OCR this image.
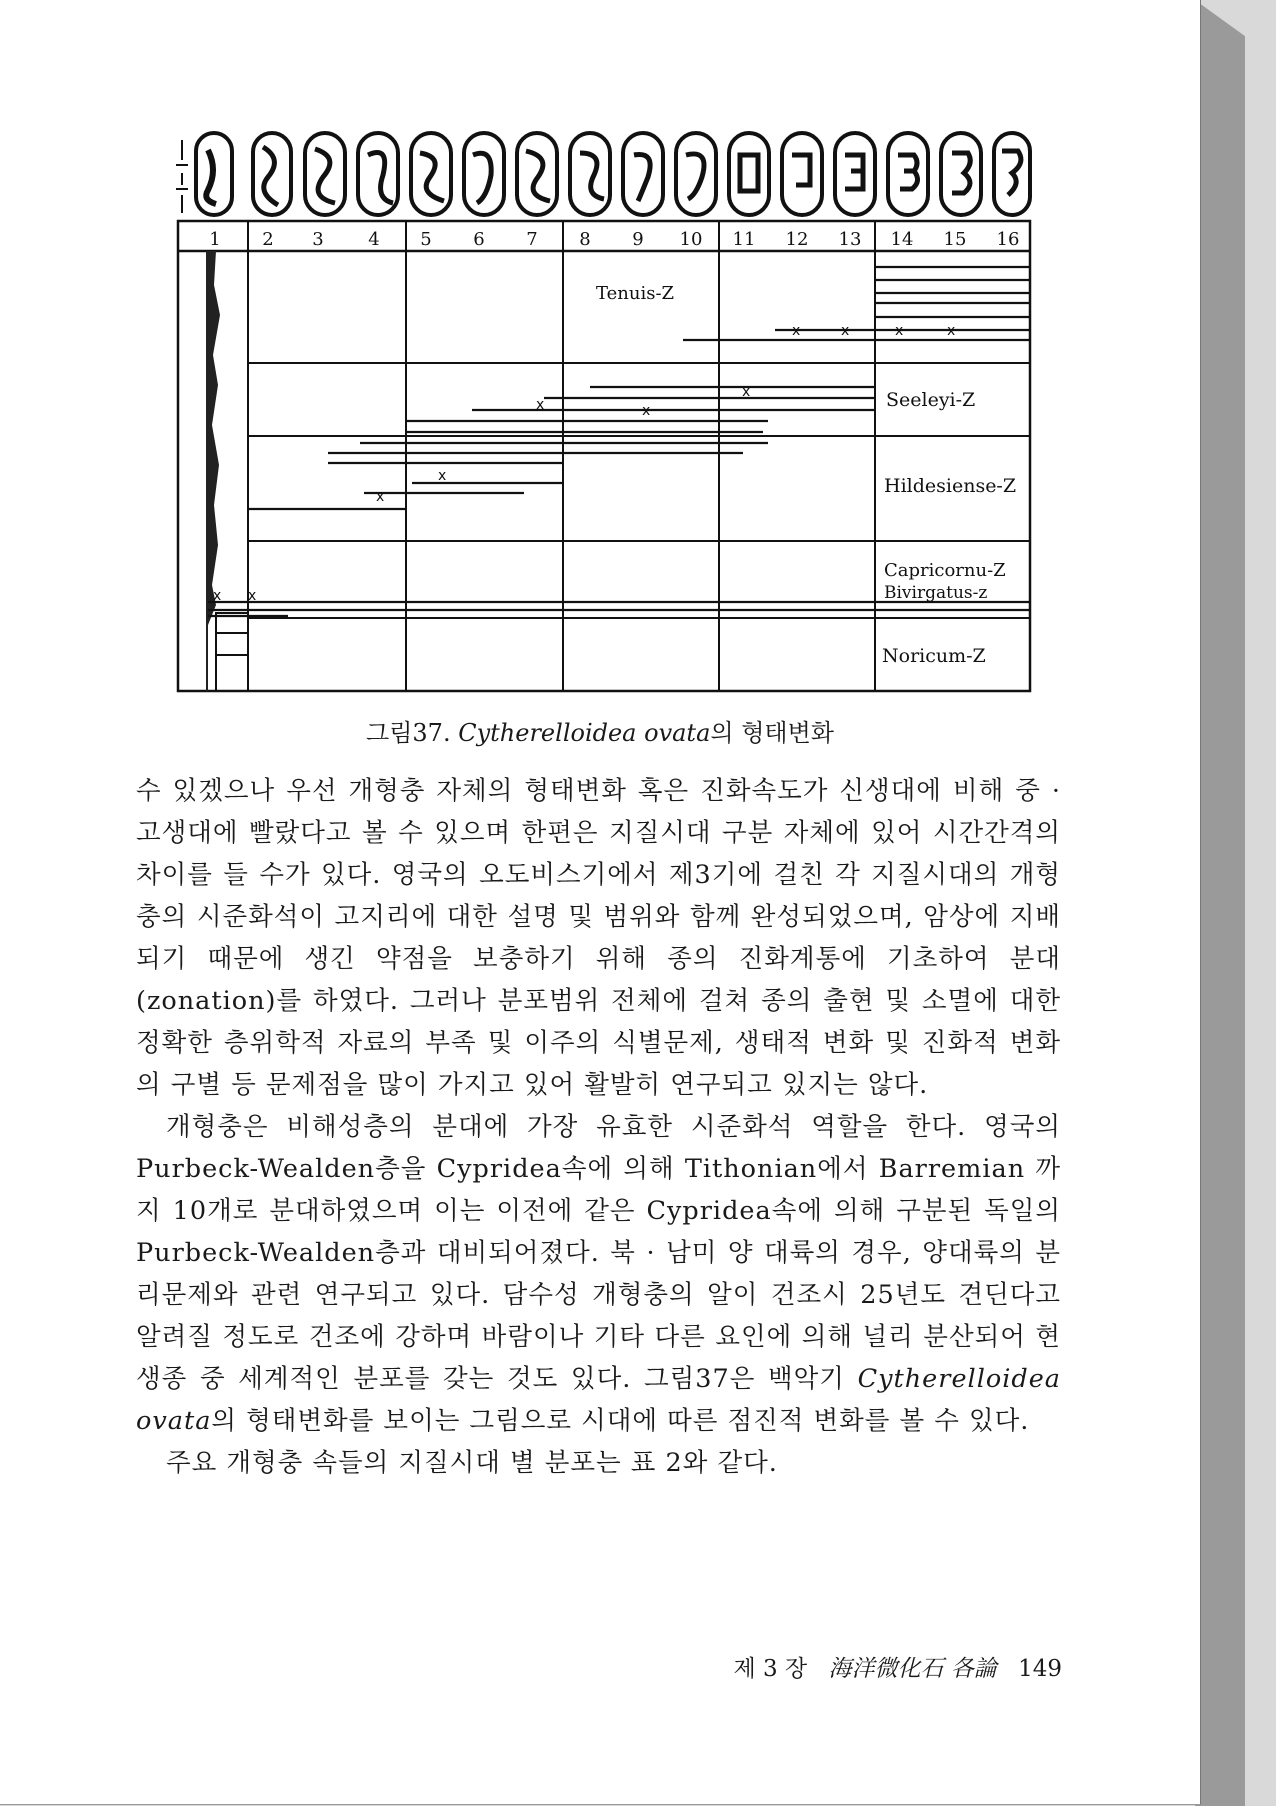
1 2 3 4 5 6 7 8 9 10 11 12 13 14 15 16
x	x	x	x
x
x
x
x
x
x x
Tenuis-Z
Seeleyi-Z
Hildesiense-Z
Capricornu-Z
Bivirgatus-z
Noricum-Z
그림37. Cytherelloidea ovata의 형태변화

수 있겠으나 우선 개형충 자체의 형태변화 혹은 진화속도가 신생대에 비해 중 · 고생대에 빨랐다고 볼 수 있으며 한편은 지질시대 구분 자체에 있어 시간간격의 차이를 들 수가 있다. 영국의 오도비스기에서 제3기에 걸친 각 지질시대의 개형충의 시준화석이 고지리에 대한 설명 및 범위와 함께 완성되었으며, 암상에 지배되기 때문에 생긴 약점을 보충하기 위해 종의 진화계통에 기초하여 분대(zonation)를 하였다. 그러나 분포범위 전체에 걸쳐 종의 출현 및 소멸에 대한 정확한 층위학적 자료의 부족 및 이주의 식별문제, 생태적 변화 및 진화적 변화의 구별 등 문제점을 많이 가지고 있어 활발히 연구되고 있지는 않다.

개형충은 비해성층의 분대에 가장 유효한 시준화석 역할을 한다. 영국의 Purbeck-Wealden층을 Cypridea속에 의해 Tithonian에서 Barremian 까지 10개로 분대하였으며 이는 이전에 같은 Cypridea속에 의해 구분된 독일의 Purbeck-Wealden층과 대비되어졌다. 북 · 남미 양 대륙의 경우, 양대륙의 분리문제와 관련 연구되고 있다. 담수성 개형충의 알이 건조시 25년도 견딘다고 알려질 정도로 건조에 강하며 바람이나 기타 다른 요인에 의해 널리 분산되어 현생종 중 세계적인 분포를 갖는 것도 있다. 그림37은 백악기 Cytherelloidea ovata의 형태변화를 보이는 그림으로 시대에 따른 점진적 변화를 볼 수 있다.

주요 개형충 속들의 지질시대 별 분포는 표 2와 같다.

제 3 장 海洋微化石 各論 149
